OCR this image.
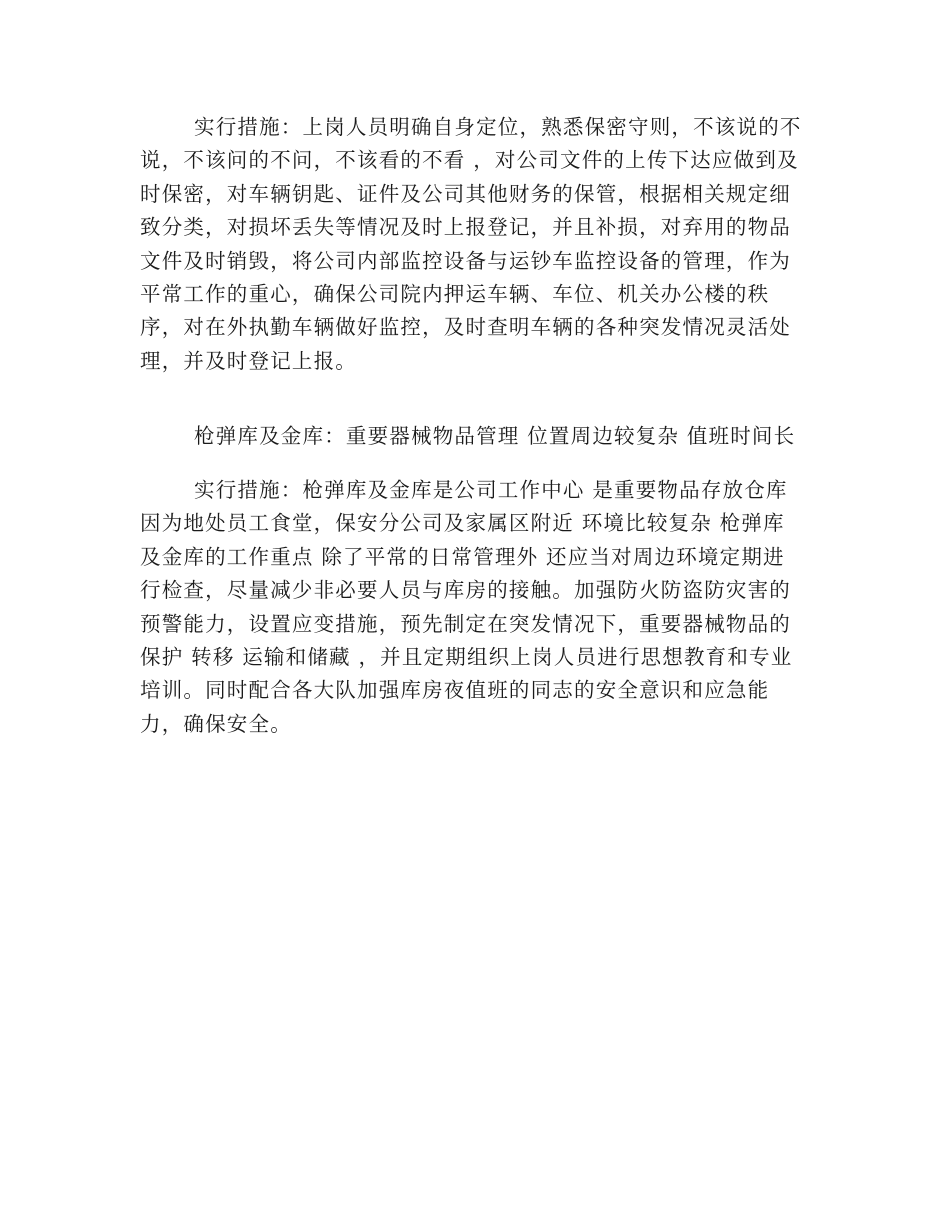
实行措施：上岗人员明确自身定位，熟悉保密守则，不该说的不
说，不该问的不问，不该看的不看 ，对公司文件的上传下达应做到及
时保密，对车辆钥匙、证件及公司其他财务的保管，根据相关规定细
致分类，对损坏丢失等情况及时上报登记，并且补损，对弃用的物品
文件及时销毁，将公司内部监控设备与运钞车监控设备的管理，作为
平常工作的重心，确保公司院内押运车辆、车位、机关办公楼的秩
序，对在外执勤车辆做好监控，及时查明车辆的各种突发情况灵活处
理，并及时登记上报。

枪弹库及金库：重要器械物品管理 位置周边较复杂 值班时间长

实行措施：枪弹库及金库是公司工作中心 是重要物品存放仓库
因为地处员工食堂，保安分公司及家属区附近 环境比较复杂 枪弹库
及金库的工作重点 除了平常的日常管理外 还应当对周边环境定期进
行检查，尽量减少非必要人员与库房的接触。加强防火防盗防灾害的
预警能力，设置应变措施，预先制定在突发情况下，重要器械物品的
保护 转移 运输和储藏 ，并且定期组织上岗人员进行思想教育和专业
培训。同时配合各大队加强库房夜值班的同志的安全意识和应急能
力，确保安全。
